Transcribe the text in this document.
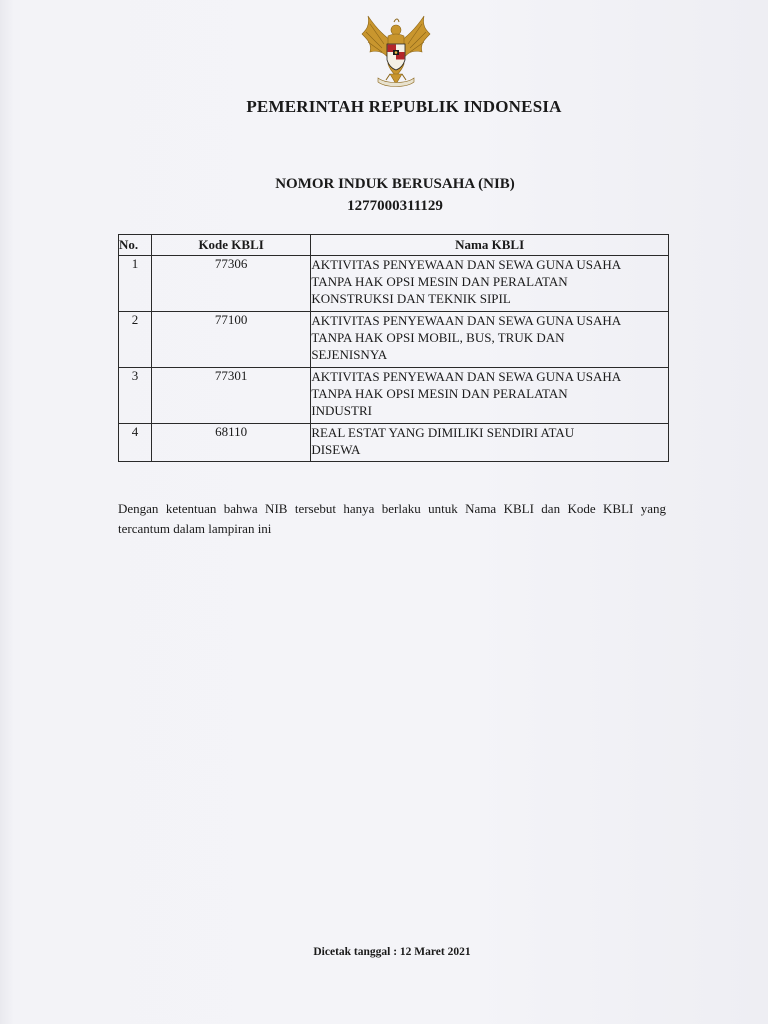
PEMERINTAH REPUBLIK INDONESIA
NOMOR INDUK BERUSAHA (NIB)
1277000311129
No.	Kode KBLI	Nama KBLI
1	77306	AKTIVITAS PENYEWAAN DAN SEWA GUNA USAHA
TANPA HAK OPSI MESIN DAN PERALATAN
KONSTRUKSI DAN TEKNIK SIPIL

2	77100	AKTIVITAS PENYEWAAN DAN SEWA GUNA USAHA
TANPA HAK OPSI MOBIL, BUS, TRUK DAN
SEJENISNYA

3	77301	AKTIVITAS PENYEWAAN DAN SEWA GUNA USAHA
TANPA HAK OPSI MESIN DAN PERALATAN
INDUSTRI

4	68110	REAL ESTAT YANG DIMILIKI SENDIRI ATAU
DISEWA
Dengan ketentuan bahwa NIB tersebut hanya berlaku untuk Nama KBLI dan Kode KBLI yang tercantum dalam lampiran ini
Dicetak tanggal : 12 Maret 2021
